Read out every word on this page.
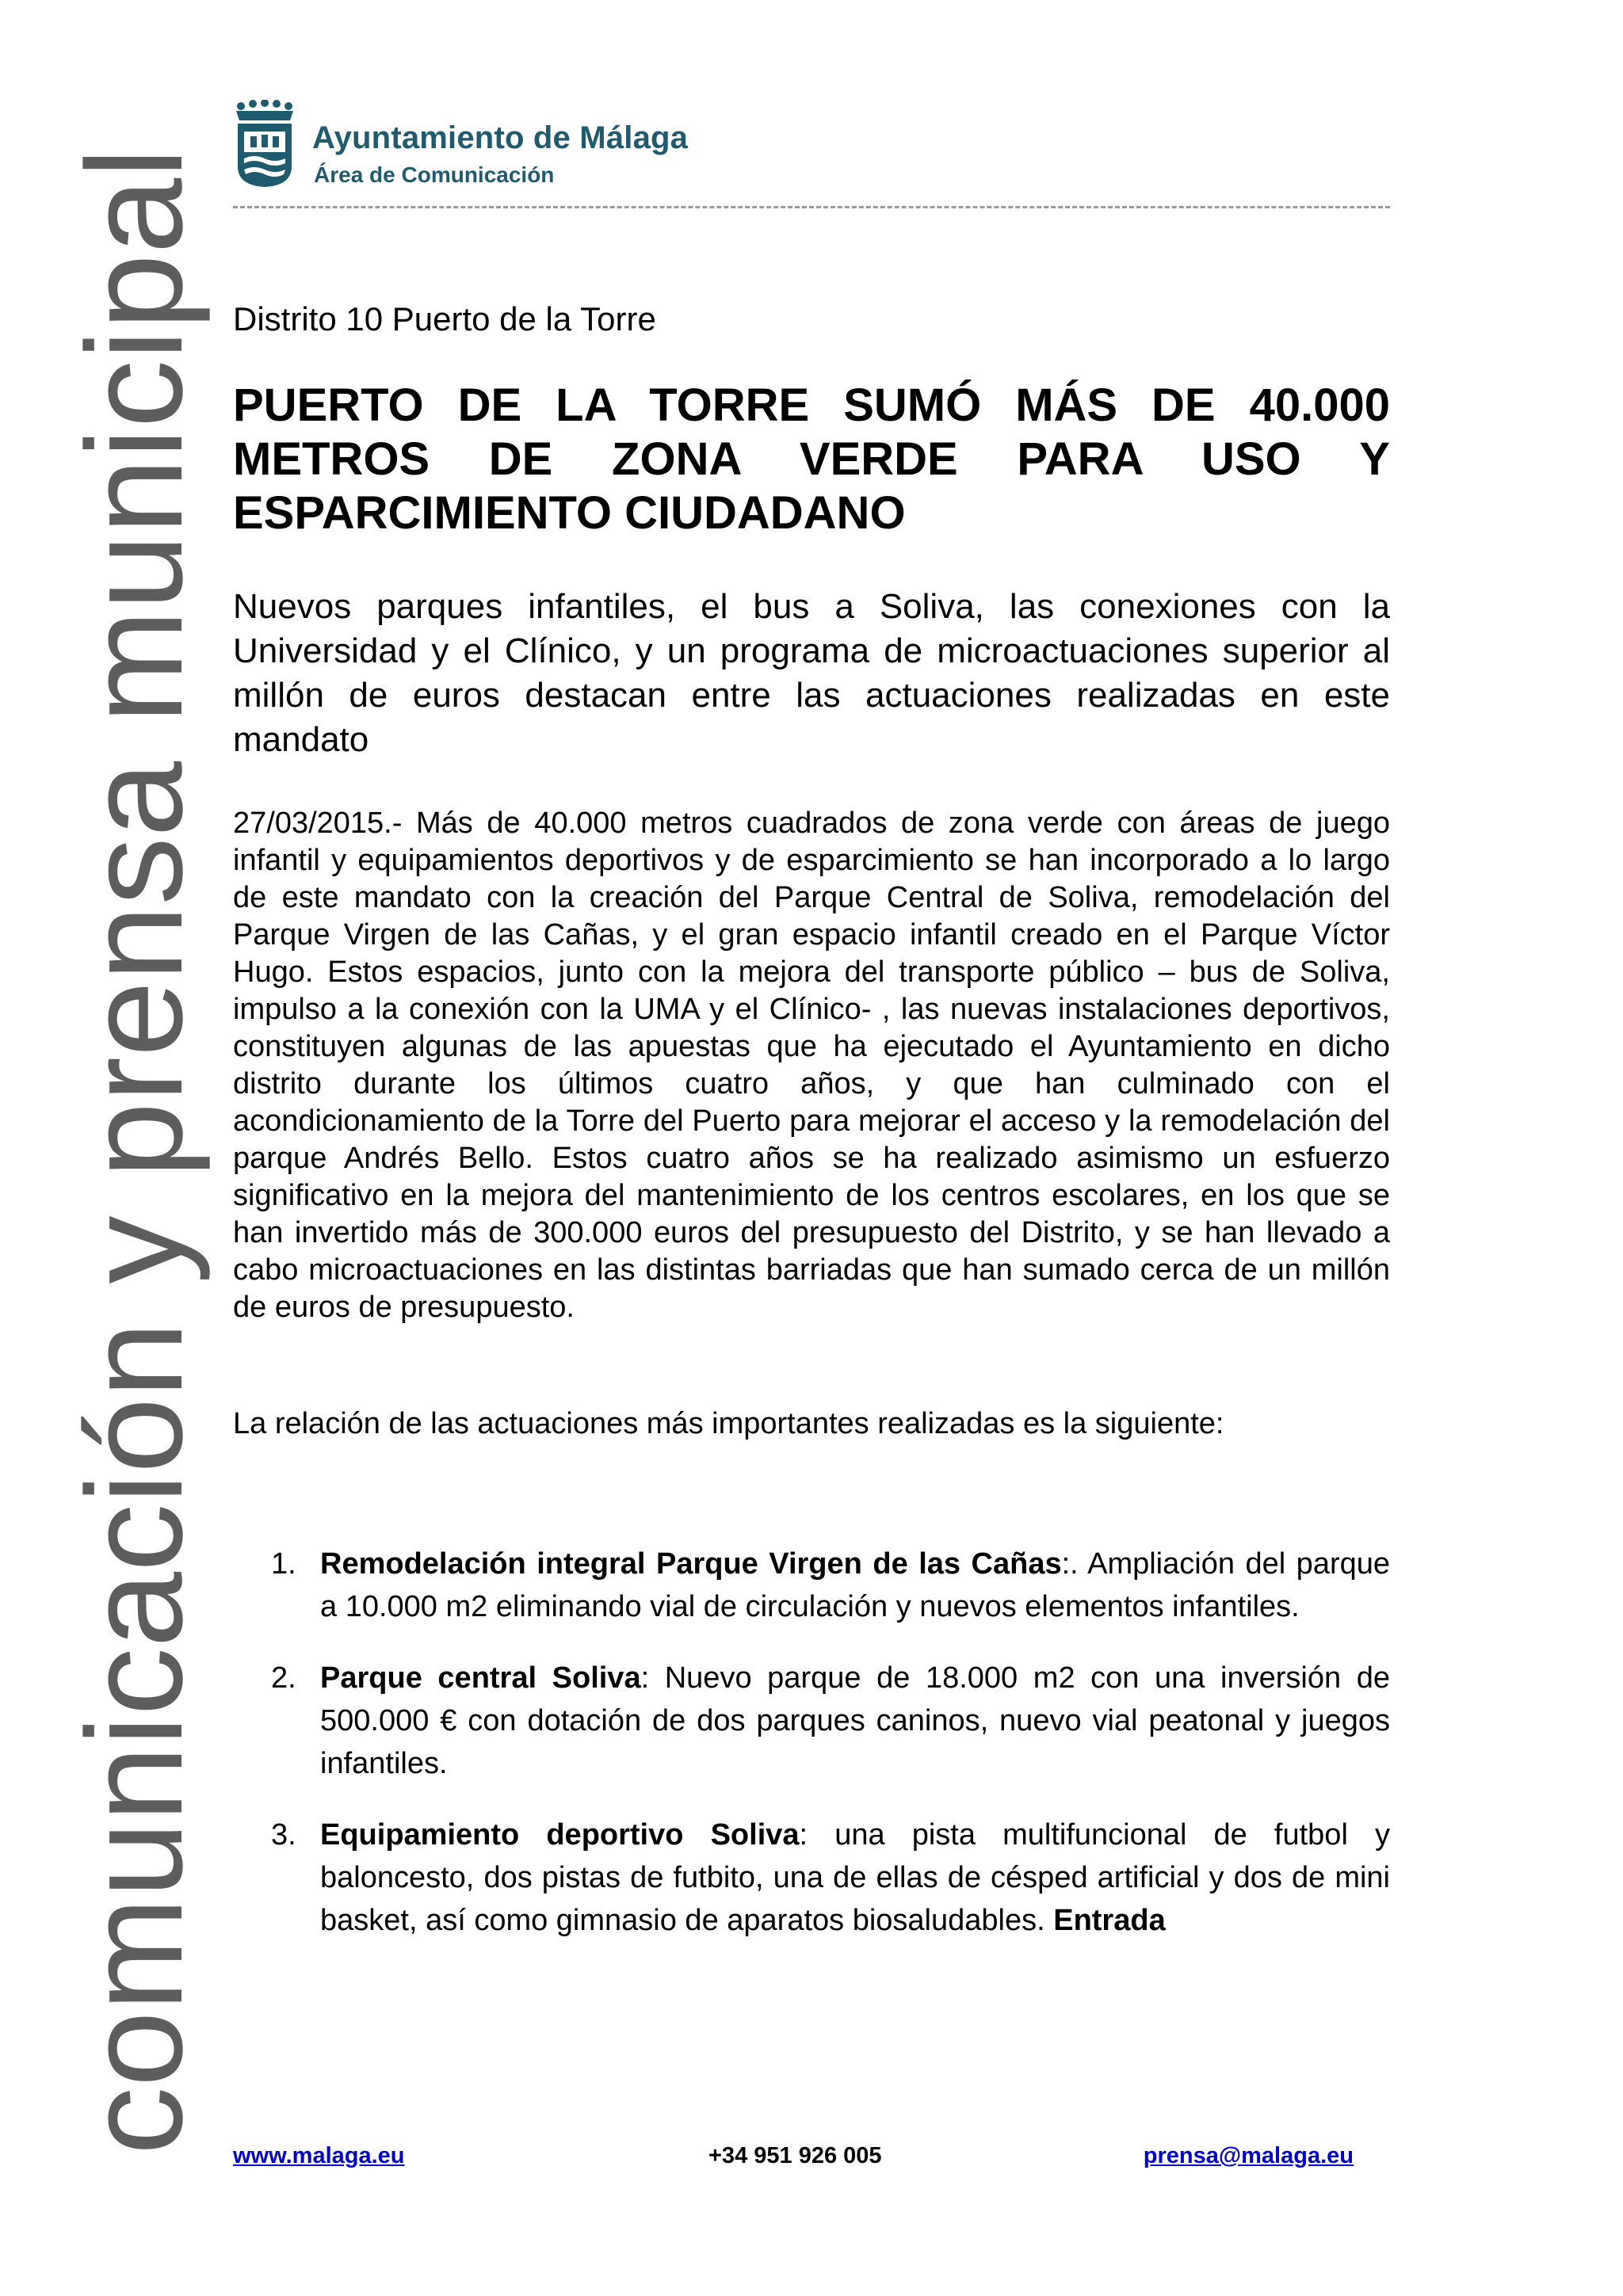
Ayuntamiento de Málaga
Área de Comunicación
comunicación y prensa municipal Distrito 10 Puerto de la Torre
PUERTO DE LA TORRE SUMÓ MÁS DE 40.000 METROS DE ZONA VERDE PARA USO Y ESPARCIMIENTO CIUDADANO
Nuevos parques infantiles, el bus a Soliva, las conexiones con la Universidad y el Clínico, y un programa de microactuaciones superior al millón de euros destacan entre las actuaciones realizadas en este mandato

27/03/2015.- Más de 40.000 metros cuadrados de zona verde con áreas de juego infantil y equipamientos deportivos y de esparcimiento se han incorporado a lo largo de este mandato con la creación del Parque Central de Soliva, remodelación del Parque Virgen de las Cañas, y el gran espacio infantil creado en el Parque Víctor Hugo. Estos espacios, junto con la mejora del transporte público – bus de Soliva, impulso a la conexión con la UMA y el Clínico- , las nuevas instalaciones deportivos, constituyen algunas de las apuestas que ha ejecutado el Ayuntamiento en dicho distrito durante los últimos cuatro años, y que han culminado con el acondicionamiento de la Torre del Puerto para mejorar el acceso y la remodelación del parque Andrés Bello. Estos cuatro años se ha realizado asimismo un esfuerzo significativo en la mejora del mantenimiento de los centros escolares, en los que se han invertido más de 300.000 euros del presupuesto del Distrito, y se han llevado a cabo microactuaciones en las distintas barriadas que han sumado cerca de un millón de euros de presupuesto.

La relación de las actuaciones más importantes realizadas es la siguiente:

1. Remodelación integral Parque Virgen de las Cañas:. Ampliación del parque a 10.000 m2 eliminando vial de circulación y nuevos elementos infantiles.
2. Parque central Soliva: Nuevo parque de 18.000 m2 con una inversión de 500.000 € con dotación de dos parques caninos, nuevo vial peatonal y juegos infantiles.
3. Equipamiento deportivo Soliva: una pista multifuncional de futbol y baloncesto, dos pistas de futbito, una de ellas de césped artificial y dos de mini basket, así como gimnasio de aparatos biosaludables. Entrada
www.malaga.eu	+34 951 926 005	prensa@malaga.eu
